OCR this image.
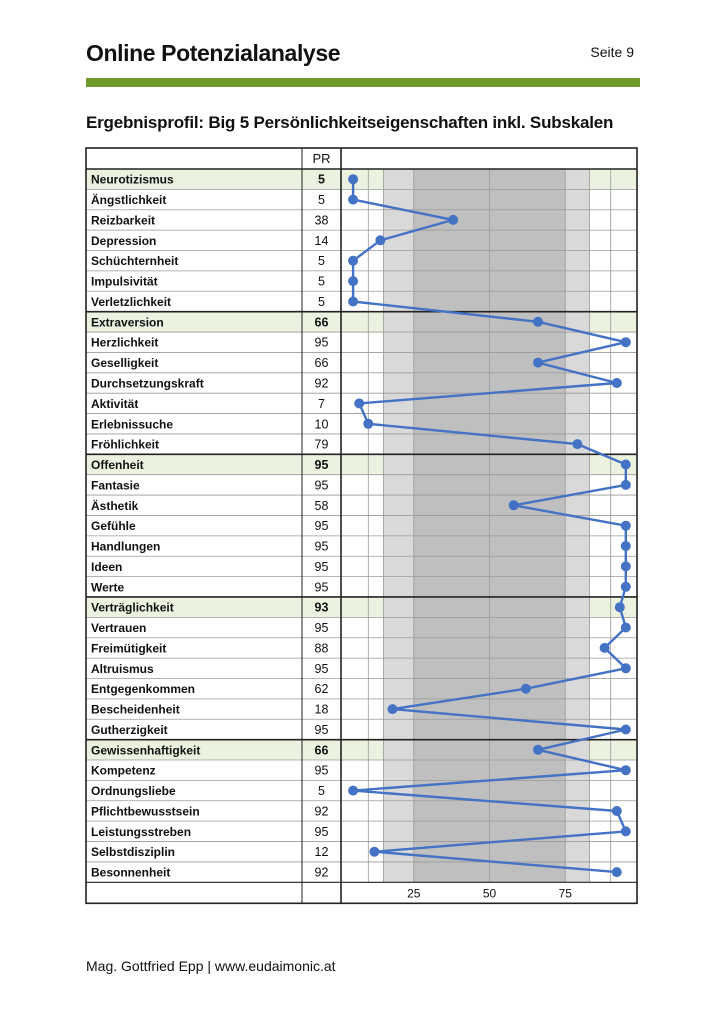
Online Potenzialanalyse	Seite 9
Ergebnisprofil: Big 5 Persönlichkeitseigenschaften inkl. Subskalen
PR
Neurotizismus	5
Ängstlichkeit	5
Reizbarkeit	38
Depression	14
Schüchternheit	5
Impulsivität	5
Verletzlichkeit	5
Extraversion	66
Herzlichkeit	95
Geselligkeit	66
Durchsetzungskraft	92
Aktivität	7
Erlebnissuche	10
Fröhlichkeit	79
Offenheit	95
Fantasie	95
Ästhetik	58
Gefühle	95
Handlungen	95
Ideen	95
Werte	95
Verträglichkeit	93
Vertrauen	95
Freimütigkeit	88
Altruismus	95
Entgegenkommen	62
Bescheidenheit	18
Gutherzigkeit	95
Gewissenhaftigkeit	66
Kompetenz	95
Ordnungsliebe	5
Pflichtbewusstsein	92
Leistungsstreben	95
Selbstdisziplin	12
Besonnenheit	92
25	50	75
Mag. Gottfried Epp | www.eudaimonic.at
